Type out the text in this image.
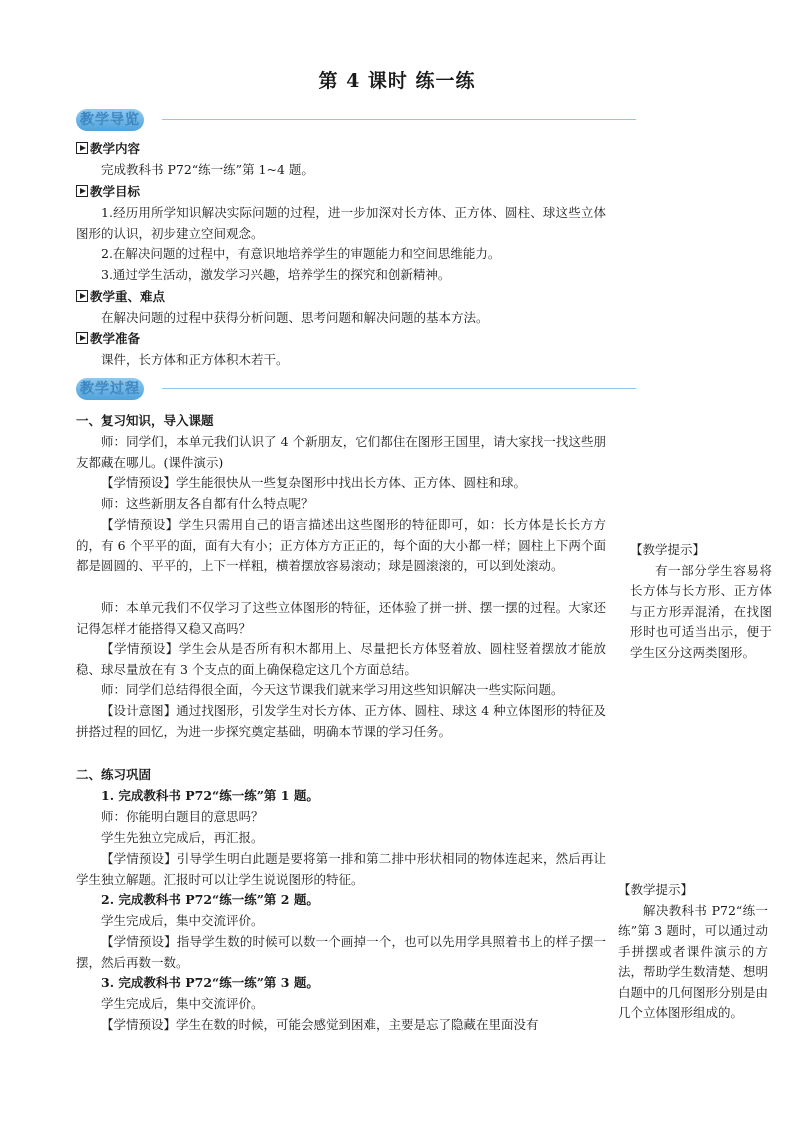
第 4 课时 练一练
教学导览
教学内容

完成教科书 P72“练一练”第 1~4 题。

教学目标

1.经历用所学知识解决实际问题的过程，进一步加深对长方体、正方体、圆柱、球这些立体图形的认识，初步建立空间观念。

2.在解决问题的过程中，有意识地培养学生的审题能力和空间思维能力。

3.通过学生活动，激发学习兴趣，培养学生的探究和创新精神。

教学重、难点

在解决问题的过程中获得分析问题、思考问题和解决问题的基本方法。

教学准备

课件，长方体和正方体积木若干。

教学过程

一、复习知识，导入课题

师：同学们，本单元我们认识了 4 个新朋友，它们都住在图形王国里，请大家找一找这些朋友都藏在哪儿。(课件演示)

【学情预设】学生能很快从一些复杂图形中找出长方体、正方体、圆柱和球。

师：这些新朋友各自都有什么特点呢？

【学情预设】学生只需用自己的语言描述出这些图形的特征即可，如：长方体是长长方方的，有 6 个平平的面，面有大有小；正方体方方正正的，每个面的大小都一样；圆柱上下两个面都是圆圆的、平平的，上下一样粗，横着摆放容易滚动；球是圆滚滚的，可以到处滚动。

师：本单元我们不仅学习了这些立体图形的特征，还体验了拼一拼、摆一摆的过程。大家还记得怎样才能搭得又稳又高吗？

【学情预设】学生会从是否所有积木都用上、尽量把长方体竖着放、圆柱竖着摆放才能放稳、球尽量放在有 3 个支点的面上确保稳定这几个方面总结。

师：同学们总结得很全面，今天这节课我们就来学习用这些知识解决一些实际问题。

【设计意图】通过找图形，引发学生对长方体、正方体、圆柱、球这 4 种立体图形的特征及拼搭过程的回忆，为进一步探究奠定基础，明确本节课的学习任务。

二、练习巩固

1. 完成教科书 P72“练一练”第 1 题。

师：你能明白题目的意思吗？

学生先独立完成后，再汇报。

【学情预设】引导学生明白此题是要将第一排和第二排中形状相同的物体连起来，然后再让学生独立解题。汇报时可以让学生说说图形的特征。

2. 完成教科书 P72“练一练”第 2 题。

学生完成后，集中交流评价。

【学情预设】指导学生数的时候可以数一个画掉一个，也可以先用学具照着书上的样子摆一摆，然后再数一数。

3. 完成教科书 P72“练一练”第 3 题。

学生完成后，集中交流评价。

【学情预设】学生在数的时候，可能会感觉到困难，主要是忘了隐藏在里面没有

【教学提示】
有一部分学生容易将长方体与长方形、正方体与正方形弄混淆，在找图形时也可适当出示，便于学生区分这两类图形。
【教学提示】
解决教科书 P72“练一练”第 3 题时，可以通过动手拼摆或者课件演示的方法，帮助学生数清楚、想明白题中的几何图形分别是由几个立体图形组成的。
